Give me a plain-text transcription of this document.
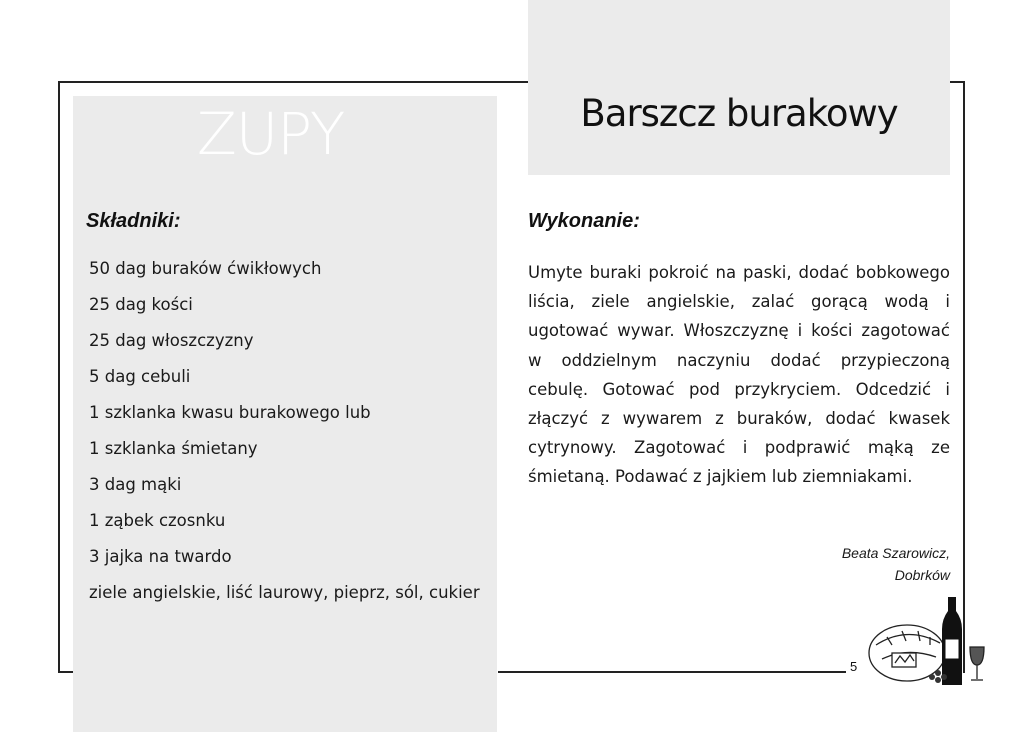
ZUPY	Barszcz burakowy
Składniki:
50 dag buraków ćwikłowych
25 dag kości
25 dag włoszczyzny
5 dag cebuli
1 szklanka kwasu burakowego lub
1 szklanka śmietany
3 dag mąki
1 ząbek czosnku
3 jajka na twardo
ziele angielskie, liść laurowy, pieprz, sól, cukier
Wykonanie:

Umyte buraki pokroić na paski, dodać bobkowego liścia, ziele angielskie, zalać gorącą wodą i ugotować wywar. Włoszczyznę i kości zagotować w oddzielnym naczyniu dodać przypieczoną cebulę. Gotować pod przykryciem. Odcedzić i złączyć z wywarem z buraków, dodać kwasek cytrynowy. Zagotować i podprawić mąką ze śmietaną. Podawać z jajkiem lub ziemniakami.

Beata Szarowicz,
Dobrków
5
